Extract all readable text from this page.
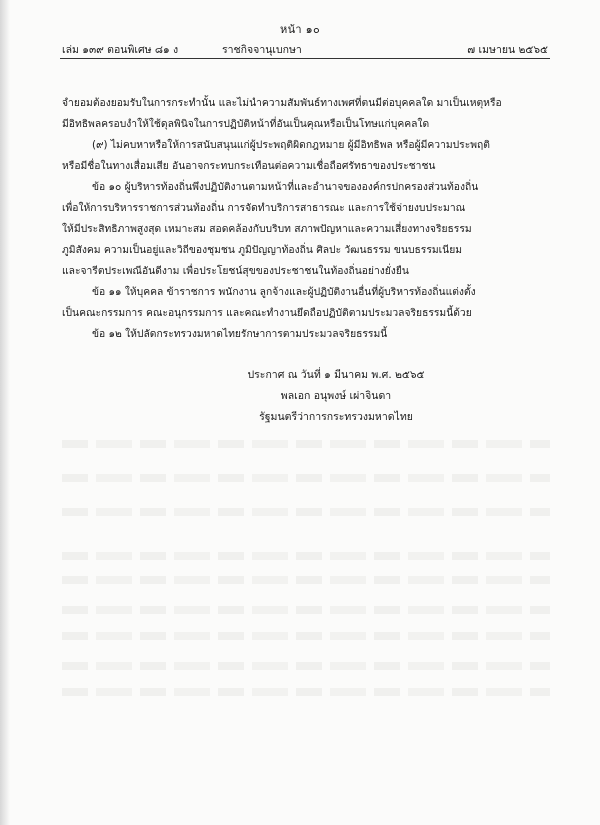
หน้า ๑๐
เล่ม ๑๓๙ ตอนพิเศษ ๘๑ ง	ราชกิจจานุเบกษา	๗ เมษายน ๒๕๖๕
จำยอมต้องยอมรับในการกระทำนั้น และไม่นำความสัมพันธ์ทางเพศที่ตนมีต่อบุคคลใด มาเป็นเหตุหรือ
มีอิทธิพลครอบงำให้ใช้ดุลพินิจในการปฏิบัติหน้าที่อันเป็นคุณหรือเป็นโทษแก่บุคคลใด
(๙) ไม่คบหาหรือให้การสนับสนุนแก่ผู้ประพฤติผิดกฎหมาย ผู้มีอิทธิพล หรือผู้มีความประพฤติ
หรือมีชื่อในทางเสื่อมเสีย อันอาจกระทบกระเทือนต่อความเชื่อถือศรัทธาของประชาชน
ข้อ ๑๐ ผู้บริหารท้องถิ่นพึงปฏิบัติงานตามหน้าที่และอำนาจขององค์กรปกครองส่วนท้องถิ่น
เพื่อให้การบริหารราชการส่วนท้องถิ่น การจัดทำบริการสาธารณะ และการใช้จ่ายงบประมาณ
ให้มีประสิทธิภาพสูงสุด เหมาะสม สอดคล้องกับบริบท สภาพปัญหาและความเสี่ยงทางจริยธรรม
ภูมิสังคม ความเป็นอยู่และวิถีของชุมชน ภูมิปัญญาท้องถิ่น ศิลปะ วัฒนธรรม ขนบธรรมเนียม
และจารีตประเพณีอันดีงาม เพื่อประโยชน์สุขของประชาชนในท้องถิ่นอย่างยั่งยืน
ข้อ ๑๑ ให้บุคคล ข้าราชการ พนักงาน ลูกจ้างและผู้ปฏิบัติงานอื่นที่ผู้บริหารท้องถิ่นแต่งตั้ง
เป็นคณะกรรมการ คณะอนุกรรมการ และคณะทำงานยึดถือปฏิบัติตามประมวลจริยธรรมนี้ด้วย
ข้อ ๑๒ ให้ปลัดกระทรวงมหาดไทยรักษาการตามประมวลจริยธรรมนี้
ประกาศ ณ วันที่ ๑ มีนาคม พ.ศ. ๒๕๖๕
พลเอก อนุพงษ์ เผ่าจินดา
รัฐมนตรีว่าการกระทรวงมหาดไทย
